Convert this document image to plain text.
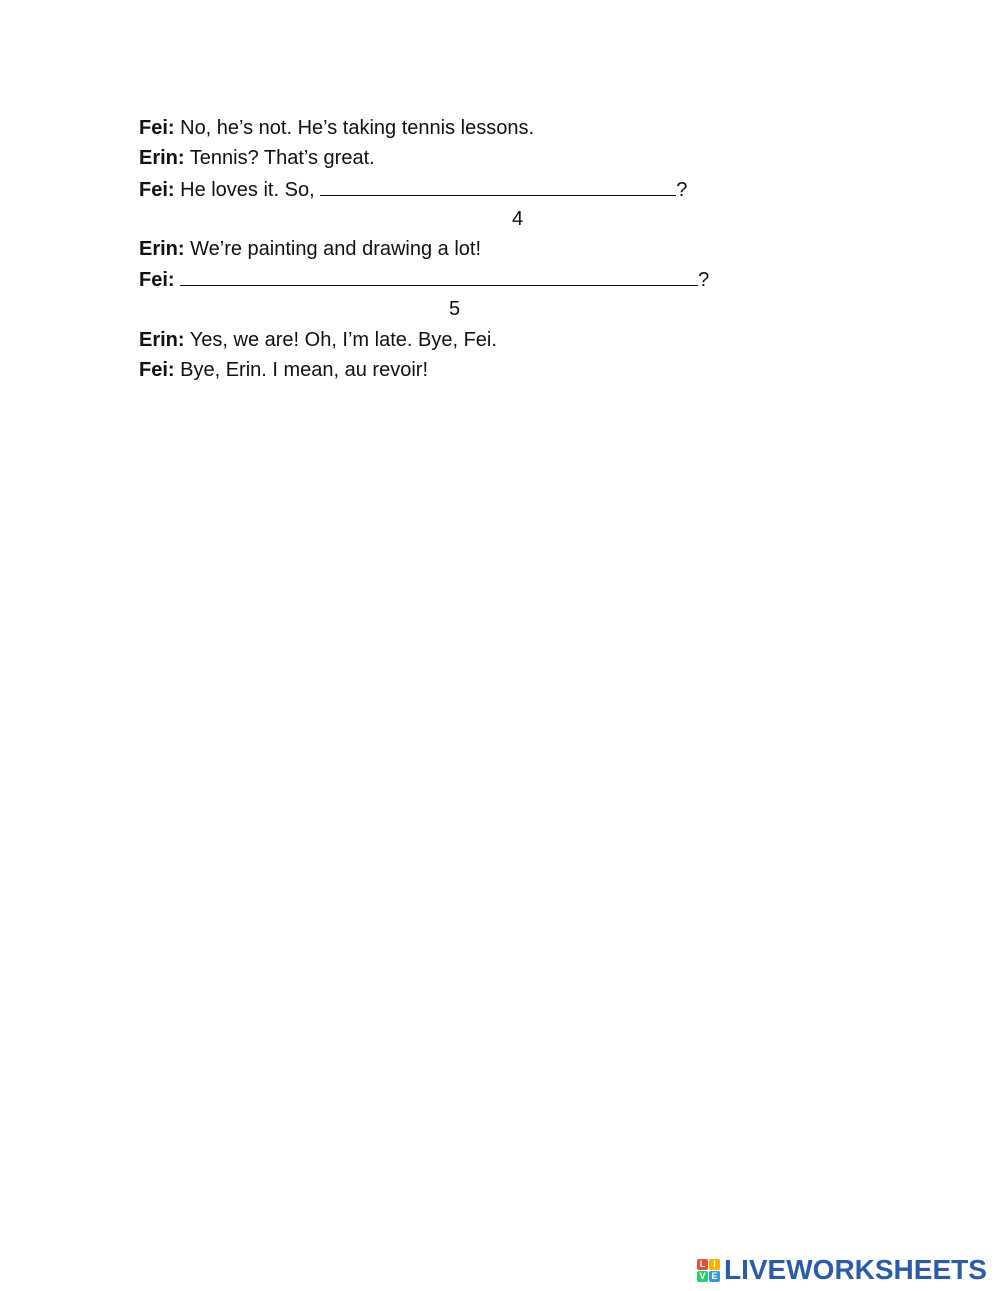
Fei: No, he’s not. He’s taking tennis lessons.
Erin: Tennis? That’s great.
Fei: He loves it. So,	?
4
Erin: We’re painting and drawing a lot!
Fei:	?
5
Erin: Yes, we are! Oh, I’m late. Bye, Fei.
Fei: Bye, Erin. I mean, au revoir!
L I
V E LIVEWORKSHEETS
